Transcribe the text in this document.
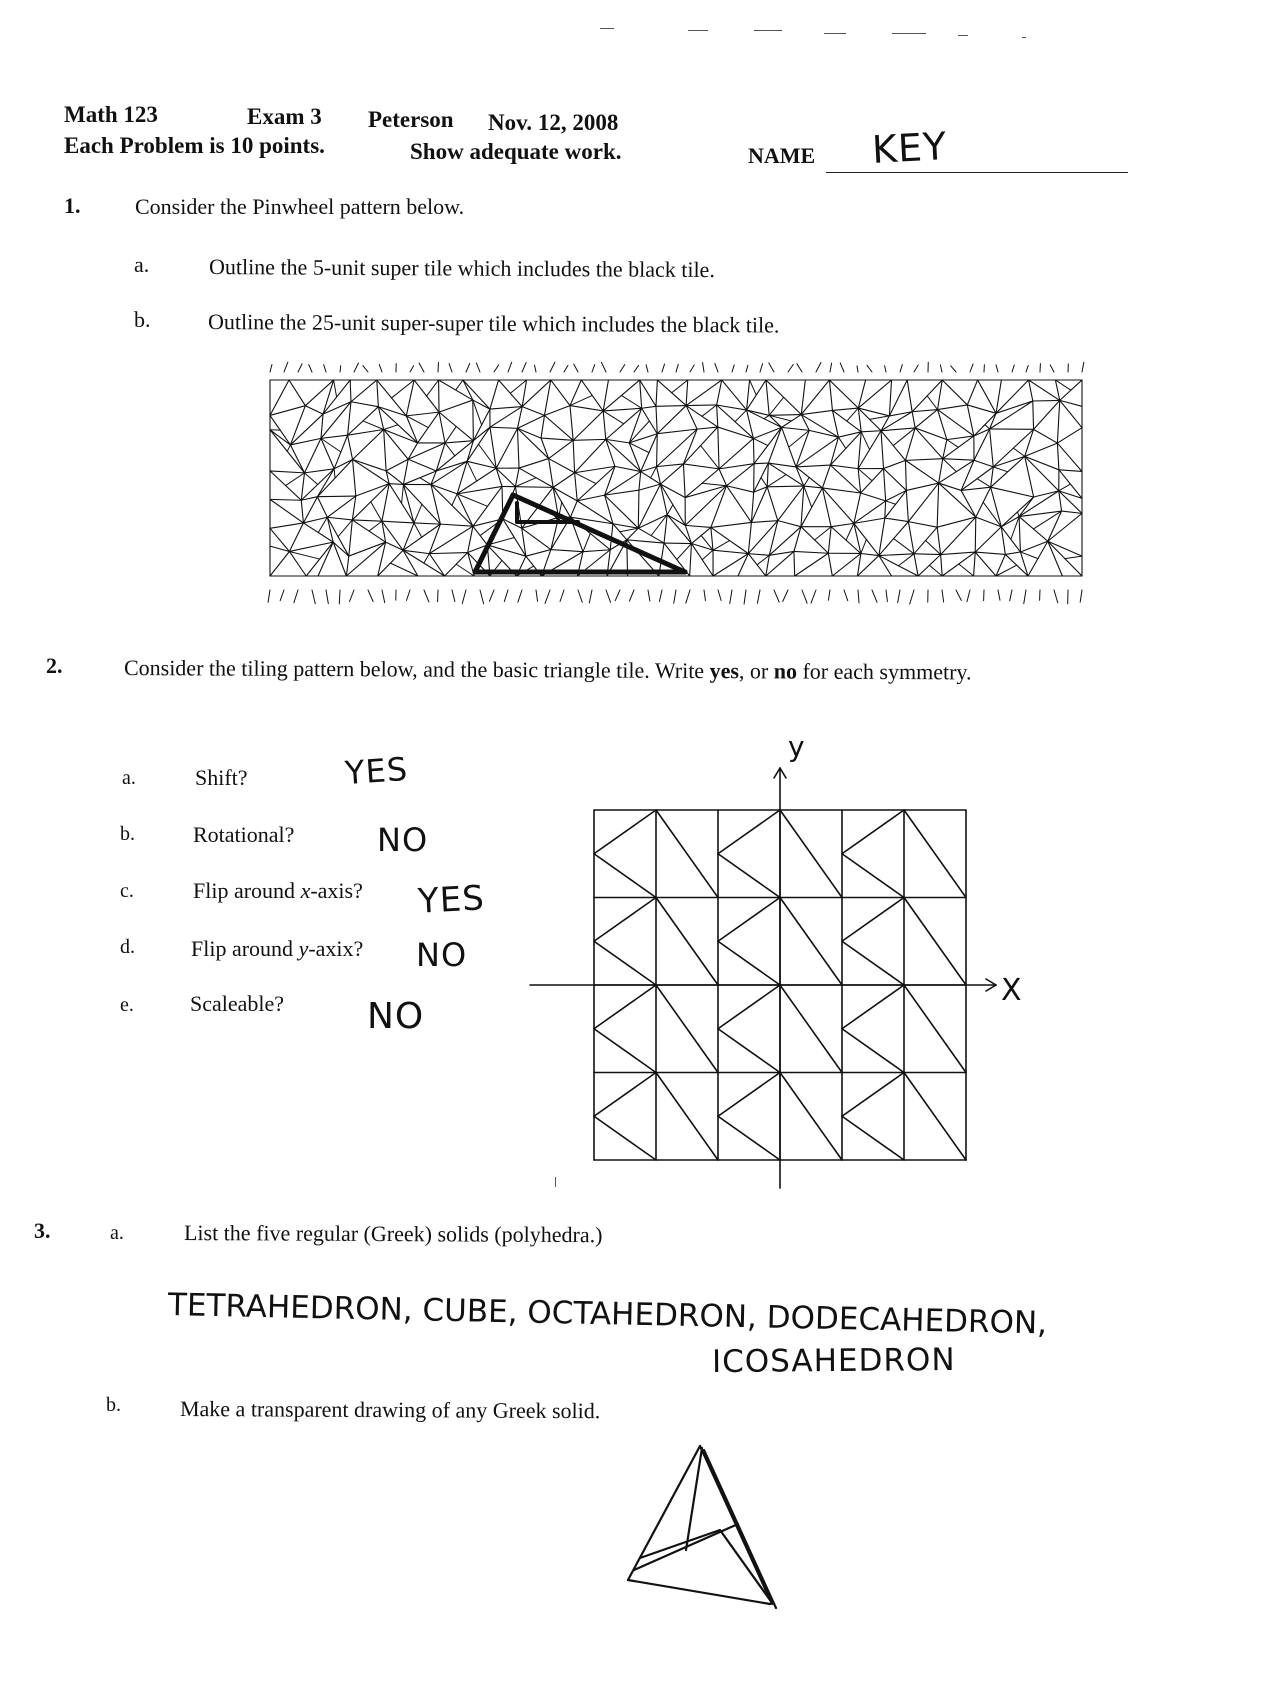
Math 123	Exam 3 Peterson Nov. 12, 2008
Each Problem is 10 points.	Show adequate work.	NAME KEY
1. Consider the Pinwheel pattern below.
a.	Outline the 5-unit super tile which includes the black tile.
b.	Outline the 25-unit super-super tile which includes the black tile.
2.	Consider the tiling pattern below, and the basic triangle tile. Write yes, or no for each symmetry.
a.	Shift?	YES
b.	Rotational?	NO
c.	Flip around x-axis? YES
d.	Flip around y-axix? NO
e.	Scaleable? NO
X
y
3.	a.	List the five regular (Greek) solids (polyhedra.)
TETRAHEDRON, CUBE, OCTAHEDRON, DODECAHEDRON,
ICOSAHEDRON
b.	Make a transparent drawing of any Greek solid.
